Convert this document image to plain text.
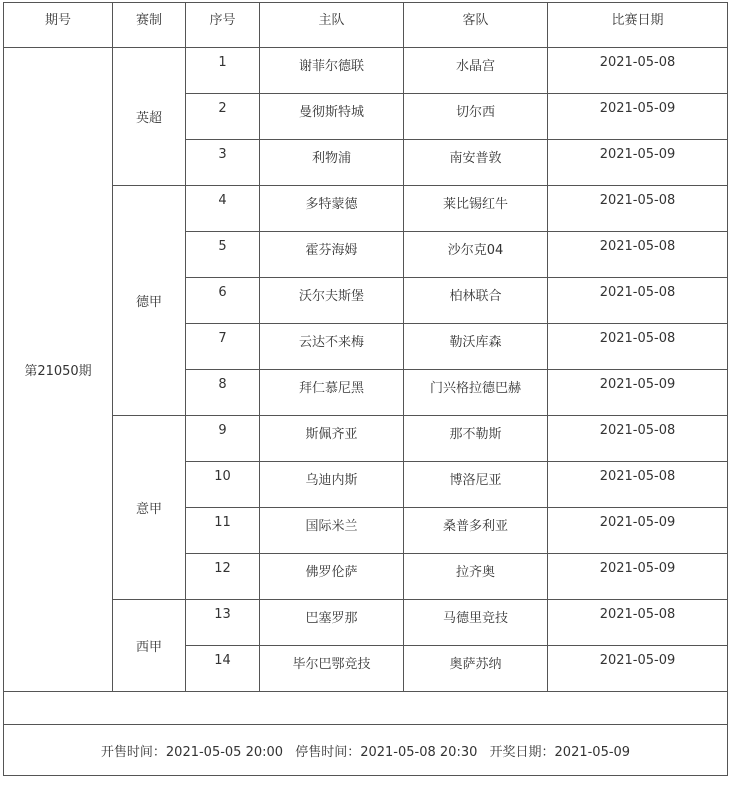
期号	赛制	序号	主队	客队	比赛日期
第21050期	英超	1	谢菲尔德联	水晶宫	2021-05-08
		2	曼彻斯特城	切尔西	2021-05-09
		3	利物浦	南安普敦	2021-05-09
	德甲	4	多特蒙德	莱比锡红牛	2021-05-08
		5	霍芬海姆	沙尔克04	2021-05-08
		6	沃尔夫斯堡	柏林联合	2021-05-08
		7	云达不来梅	勒沃库森	2021-05-08
		8	拜仁慕尼黑	门兴格拉德巴赫	2021-05-09
	意甲	9	斯佩齐亚	那不勒斯	2021-05-08
		10	乌迪内斯	博洛尼亚	2021-05-08
		11	国际米兰	桑普多利亚	2021-05-09
		12	佛罗伦萨	拉齐奥	2021-05-09
	西甲	13	巴塞罗那	马德里竞技	2021-05-08
		14	毕尔巴鄂竞技	奥萨苏纳	2021-05-09

开售时间：2021-05-05 20:00 停售时间：2021-05-08 20:30 开奖日期：2021-05-09					
